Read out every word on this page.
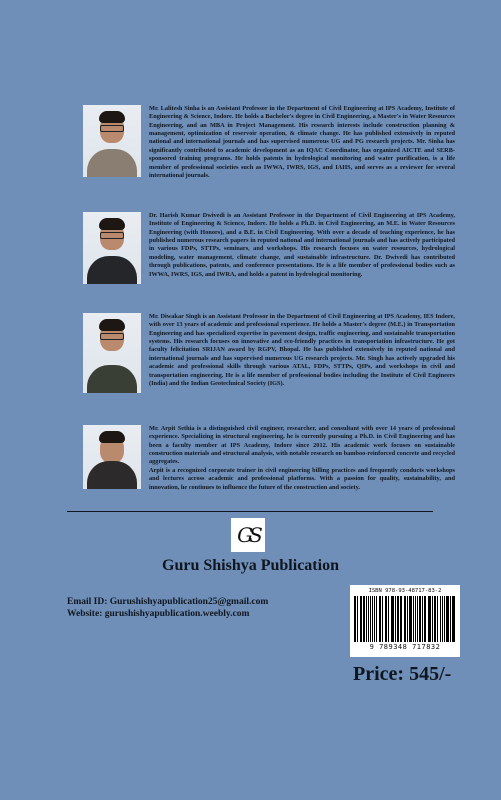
Mr. Lalitesh Sinha is an Assistant Professor in the Department of Civil Engineering at IPS Academy, Institute of Engineering & Science, Indore. He holds a Bachelor's degree in Civil Engineering, a Master's in Water Resources Engineering, and an MBA in Project Management. His research interests include construction planning & management, optimization of reservoir operation, & climate change. He has published extensively in reputed national and international journals and has supervised numerous UG and PG research projects. Mr. Sinha has significantly contributed to academic development as an IQAC Coordinator, has organized AICTE and SERB-sponsored training programs. He holds patents in hydrological monitoring and water purification, is a life member of professional societies such as IWWA, IWRS, IGS, and IAHS, and serves as a reviewer for several international journals.

Dr. Harish Kumar Dwivedi is an Assistant Professor in the Department of Civil Engineering at IPS Academy, Institute of Engineering & Science, Indore. He holds a Ph.D. in Civil Engineering, an M.E. in Water Resources Engineering (with Honors), and a B.E. in Civil Engineering. With over a decade of teaching experience, he has published numerous research papers in reputed national and international journals and has actively participated in various FDPs, STTPs, seminars, and workshops. His research focuses on water resources, hydrological modeling, water management, climate change, and sustainable infrastructure. Dr. Dwivedi has contributed through publications, patents, and conference presentations. He is a life member of professional bodies such as IWWA, IWRS, IGS, and IWRA, and holds a patent in hydrological monitoring.

Mr. Diwakar Singh is an Assistant Professor in the Department of Civil Engineering at IPS Academy, IES Indore, with over 13 years of academic and professional experience. He holds a Master's degree (M.E.) in Transportation Engineering and has specialized expertise in pavement design, traffic engineering, and sustainable transportation systems. His research focuses on innovative and eco-friendly practices in transportation infrastructure. He got faculty felicitation SRIJAN award by RGPV, Bhopal. He has published extensively in reputed national and international journals and has supervised numerous UG research projects. Mr. Singh has actively upgraded his academic and professional skills through various ATAL, FDPs, STTPs, QIPs, and workshops in civil and transportation engineering. He is a life member of professional bodies including the Institute of Civil Engineers (India) and the Indian Geotechnical Society (IGS).

Mr. Arpit Sethia is a distinguished civil engineer, researcher, and consultant with over 14 years of professional experience. Specializing in structural engineering, he is currently pursuing a Ph.D. in Civil Engineering and has been a faculty member at IPS Academy, Indore since 2012. His academic work focuses on sustainable construction materials and structural analysis, with notable research on bamboo-reinforced concrete and recycled aggregates.

Arpit is a recognized corporate trainer in civil engineering billing practices and frequently conducts workshops and lectures across academic and professional platforms. With a passion for quality, sustainability, and innovation, he continues to influence the future of the construction and society.

GS
Guru Shishya Publication
Email ID: Gurushishyapublication25@gmail.com
Website: gurushishyapublication.weebly.com
ISBN 978-93-48717-83-2
9 789348 717832

Price: 545/-
